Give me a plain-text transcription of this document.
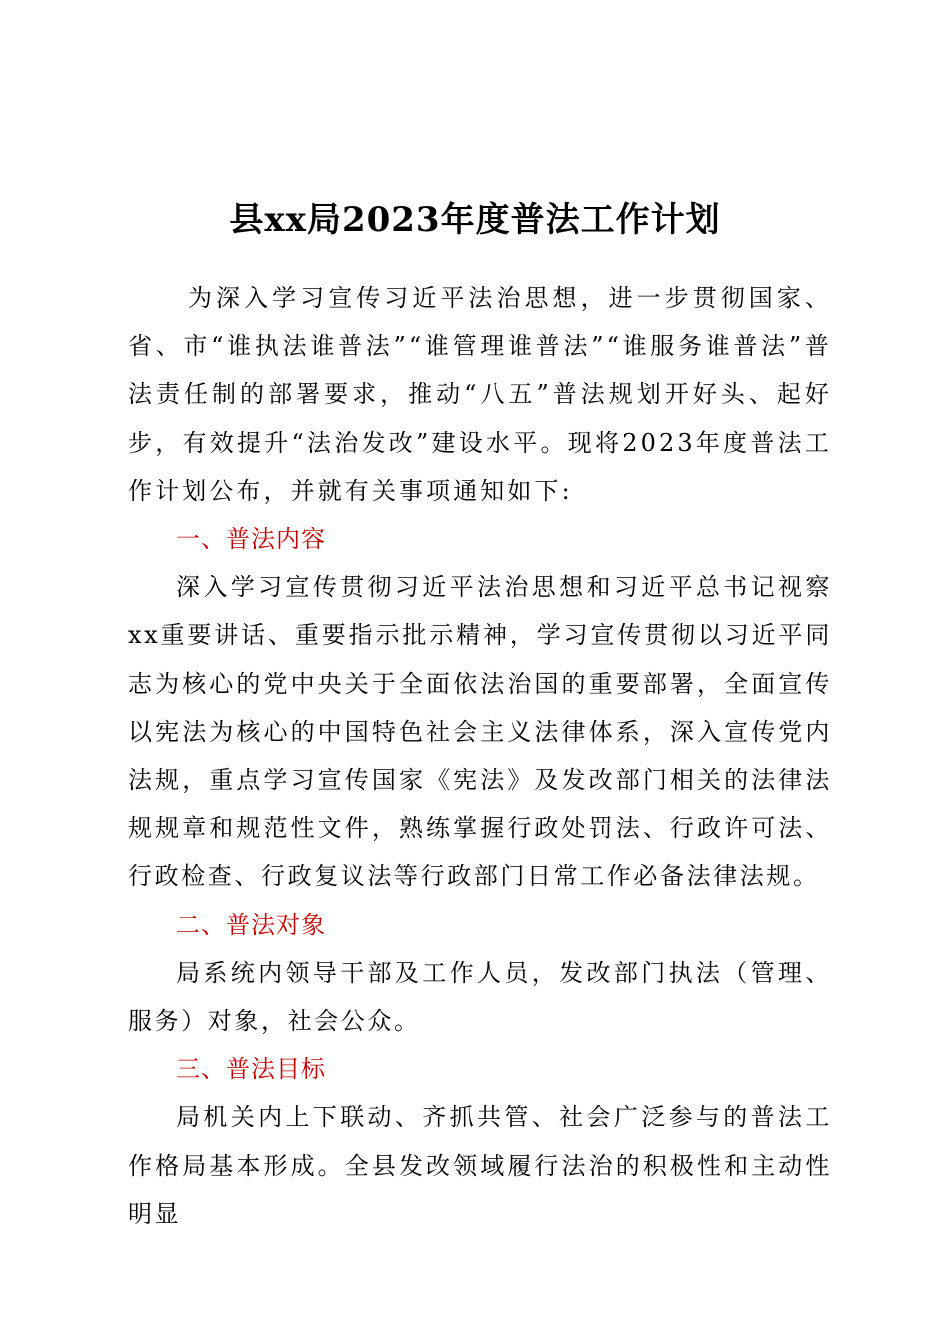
县xx局2023年度普法工作计划

为深入学习宣传习近平法治思想，进一步贯彻国家、省、市“谁执法谁普法”“谁管理谁普法”“谁服务谁普法”普法责任制的部署要求，推动“八五”普法规划开好头、起好步，有效提升“法治发改”建设水平。现将2023年度普法工作计划公布，并就有关事项通知如下:

一、普法内容

深入学习宣传贯彻习近平法治思想和习近平总书记视察xx重要讲话、重要指示批示精神，学习宣传贯彻以习近平同志为核心的党中央关于全面依法治国的重要部署，全面宣传以宪法为核心的中国特色社会主义法律体系，深入宣传党内法规，重点学习宣传国家《宪法》及发改部门相关的法律法规规章和规范性文件，熟练掌握行政处罚法、行政许可法、行政检查、行政复议法等行政部门日常工作必备法律法规。

二、普法对象

局系统内领导干部及工作人员，发改部门执法（管理、服务）对象，社会公众。

三、普法目标

局机关内上下联动、齐抓共管、社会广泛参与的普法工作格局基本形成。全县发改领域履行法治的积极性和主动性明显
